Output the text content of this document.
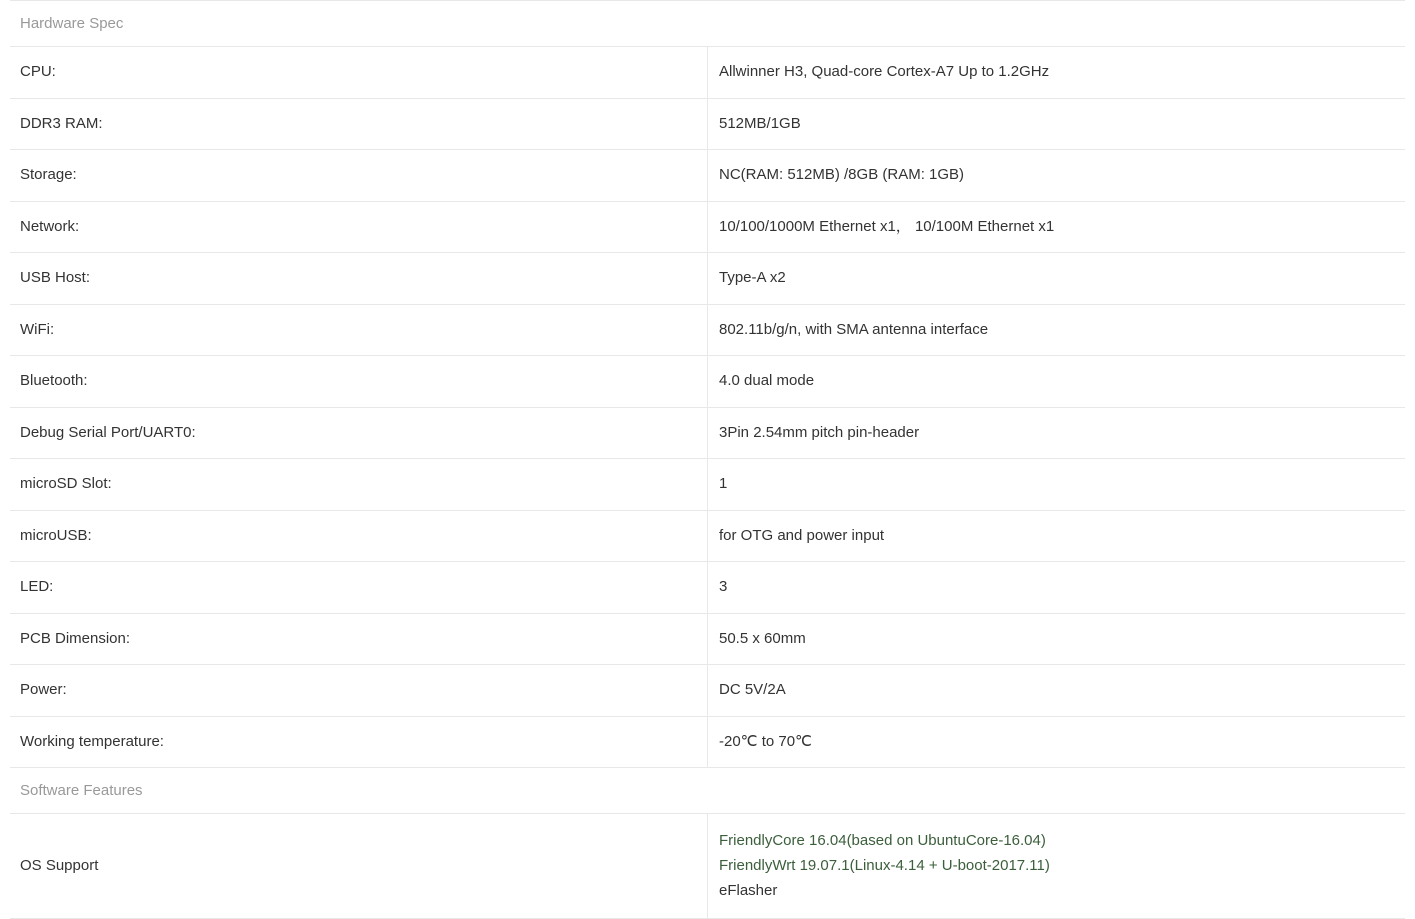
Hardware Spec	
CPU:	Allwinner H3, Quad-core Cortex-A7 Up to 1.2GHz
DDR3 RAM:	512MB/1GB
Storage:	NC(RAM: 512MB) /8GB (RAM: 1GB)
Network:	10/100/1000M Ethernet x1， 10/100M Ethernet x1
USB Host:	Type-A x2
WiFi:	802.11b/g/n, with SMA antenna interface
Bluetooth:	4.0 dual mode
Debug Serial Port/UART0:	3Pin 2.54mm pitch pin-header
microSD Slot:	1
microUSB:	for OTG and power input
LED:	3
PCB Dimension:	50.5 x 60mm
Power:	DC 5V/2A
Working temperature:	-20℃ to 70℃
Software Features	
OS Support	FriendlyCore 16.04(based on UbuntuCore-16.04)
FriendlyWrt 19.07.1(Linux-4.14 + U-boot-2017.11)
eFlasher
